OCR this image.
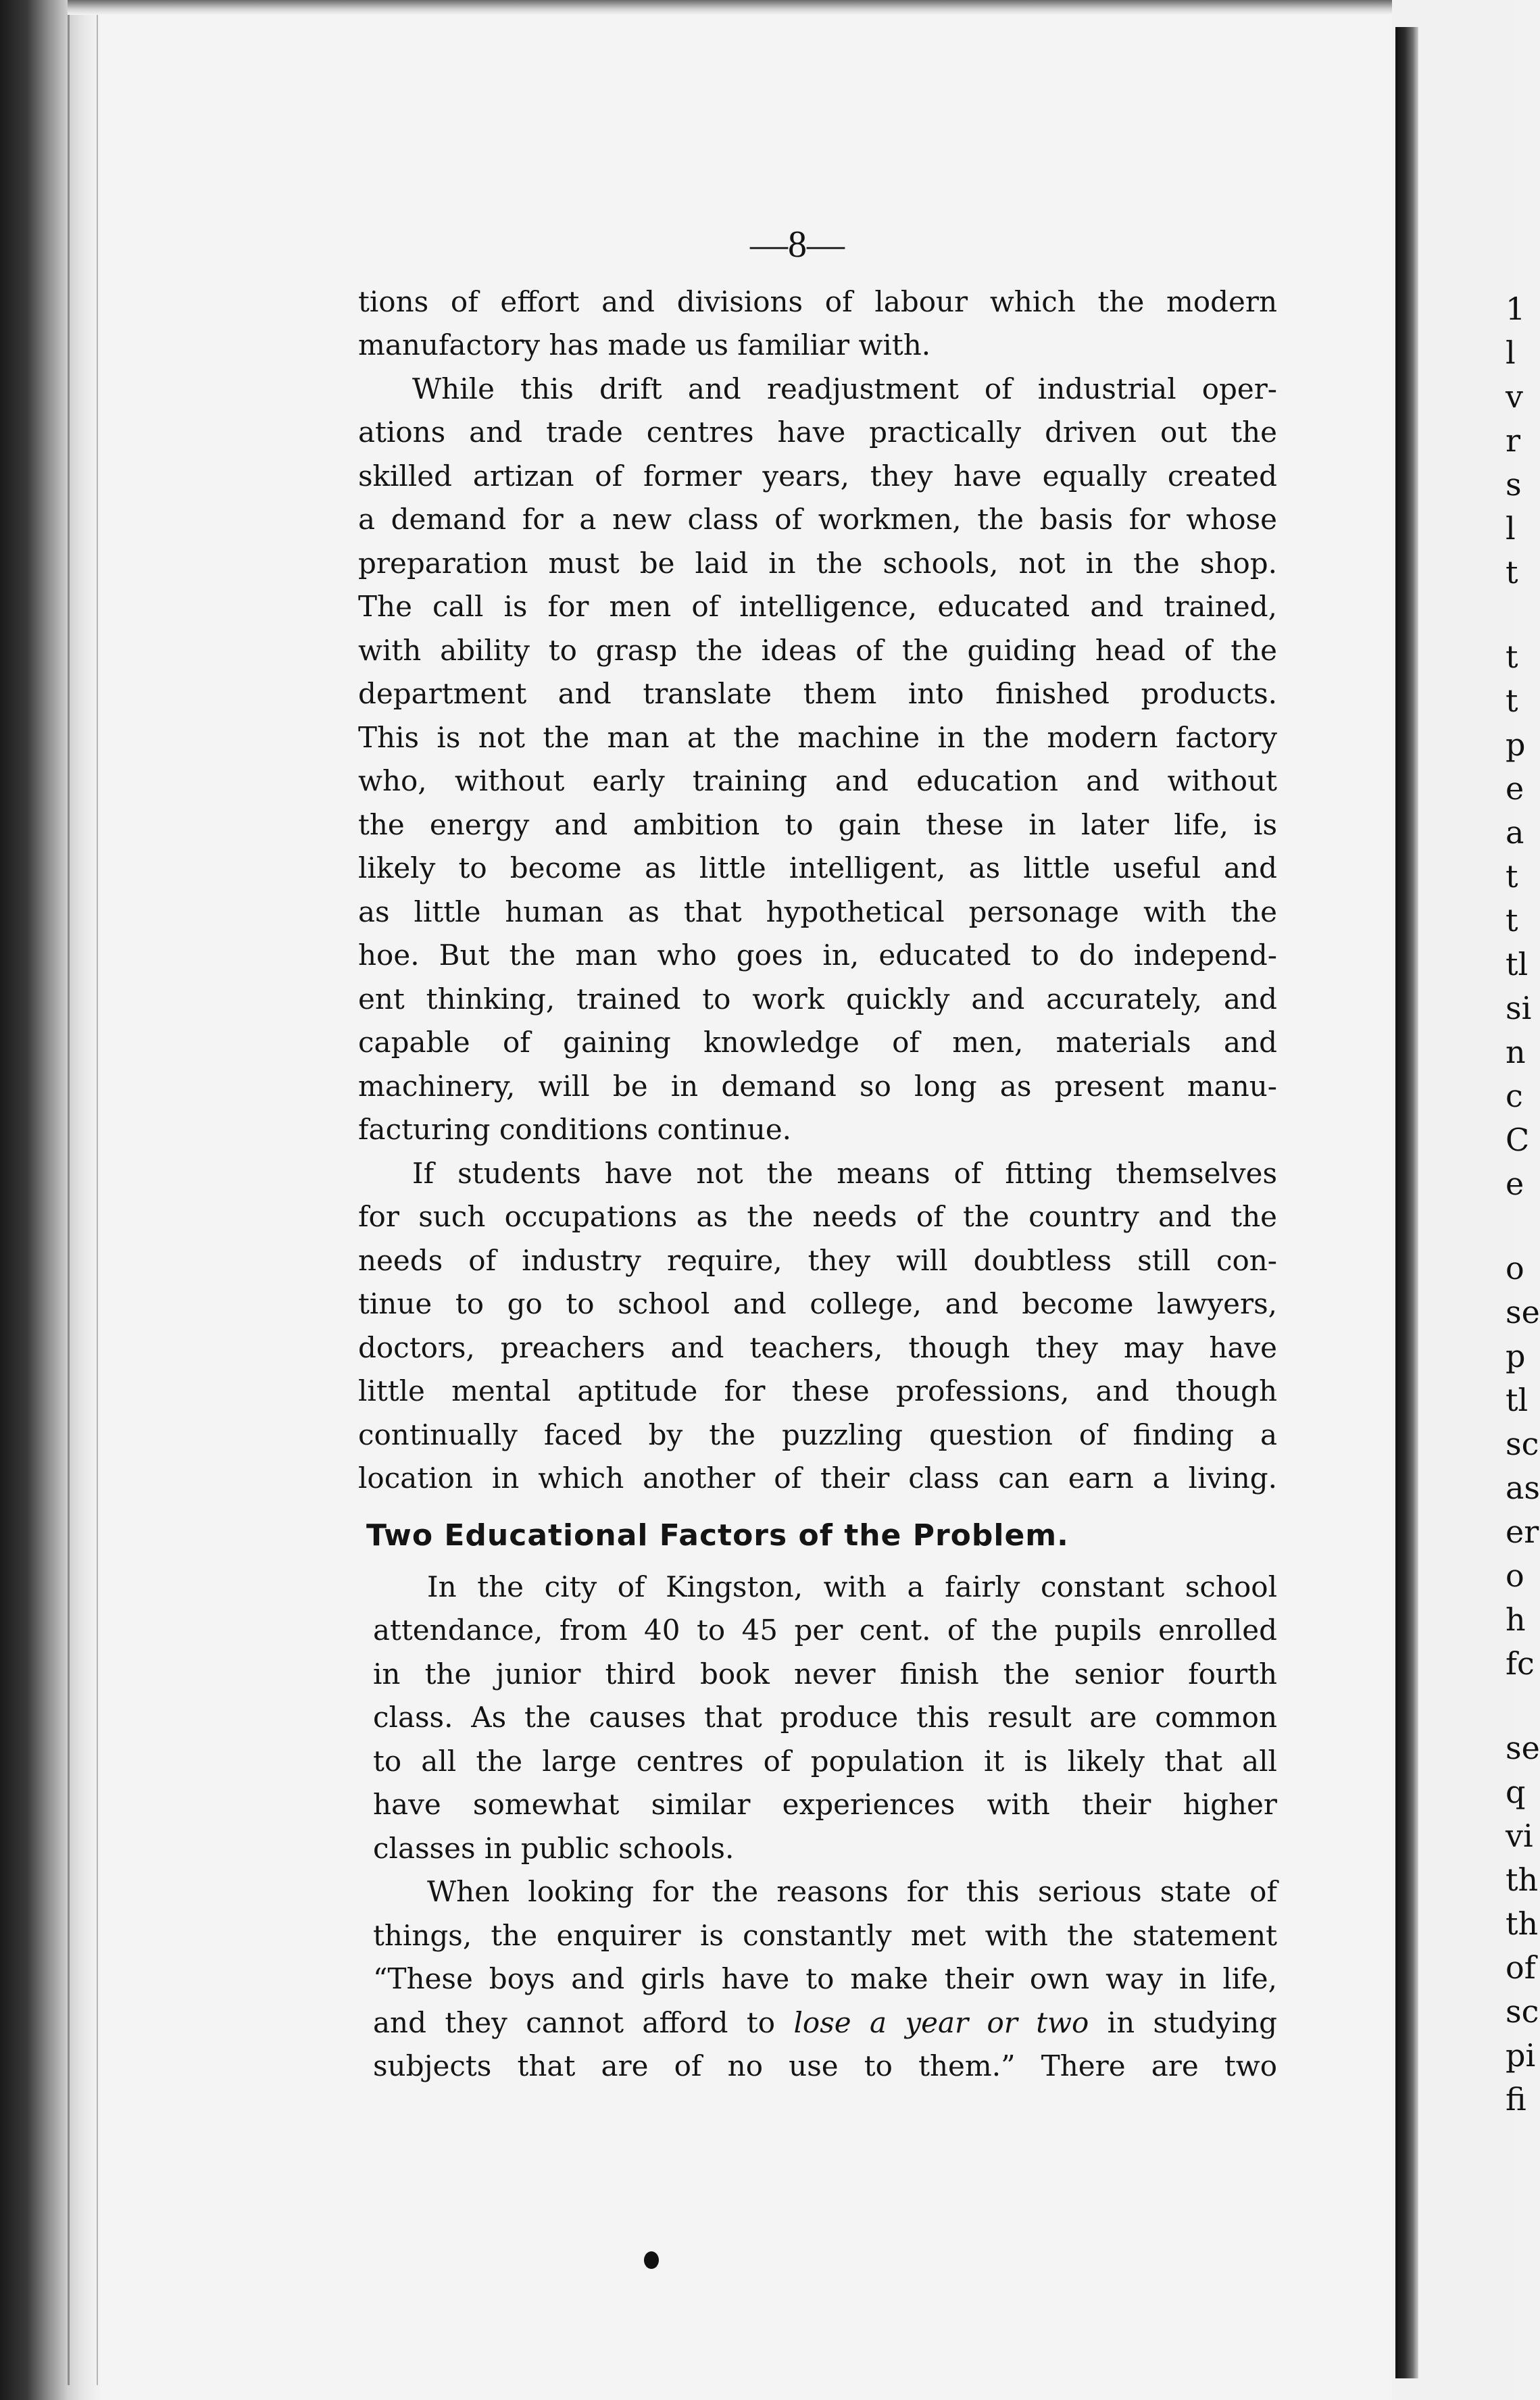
1
l
v
r
s
l
t
t
t
p
e
a
t
t
tl
si
n
c
C
e
o
se
p
tl
sc
as
er
o
h
fc
se
q
vi
th
th
of
sc
pi
fi
—8—

tions of effort and divisions of labour which the modern
manufactory has made us familiar with.

While this drift and readjustment of industrial oper-
ations and trade centres have practically driven out the
skilled artizan of former years, they have equally created
a demand for a new class of workmen, the basis for whose
preparation must be laid in the schools, not in the shop.
The call is for men of intelligence, educated and trained,
with ability to grasp the ideas of the guiding head of the
department and translate them into finished products.
This is not the man at the machine in the modern factory
who, without early training and education and without
the energy and ambition to gain these in later life, is
likely to become as little intelligent, as little useful and
as little human as that hypothetical personage with the
hoe. But the man who goes in, educated to do independ-
ent thinking, trained to work quickly and accurately, and
capable of gaining knowledge of men, materials and
machinery, will be in demand so long as present manu-
facturing conditions continue.

If students have not the means of fitting themselves
for such occupations as the needs of the country and the
needs of industry require, they will doubtless still con-
tinue to go to school and college, and become lawyers,
doctors, preachers and teachers, though they may have
little mental aptitude for these professions, and though
continually faced by the puzzling question of finding a
location in which another of their class can earn a living.

Two Educational Factors of the Problem.

In the city of Kingston, with a fairly constant school
attendance, from 40 to 45 per cent. of the pupils enrolled
in the junior third book never finish the senior fourth
class. As the causes that produce this result are common
to all the large centres of population it is likely that all
have somewhat similar experiences with their higher
classes in public schools.

When looking for the reasons for this serious state of
things, the enquirer is constantly met with the statement
“These boys and girls have to make their own way in life,
and they cannot afford to lose a year or two in studying
subjects that are of no use to them.” There are two
